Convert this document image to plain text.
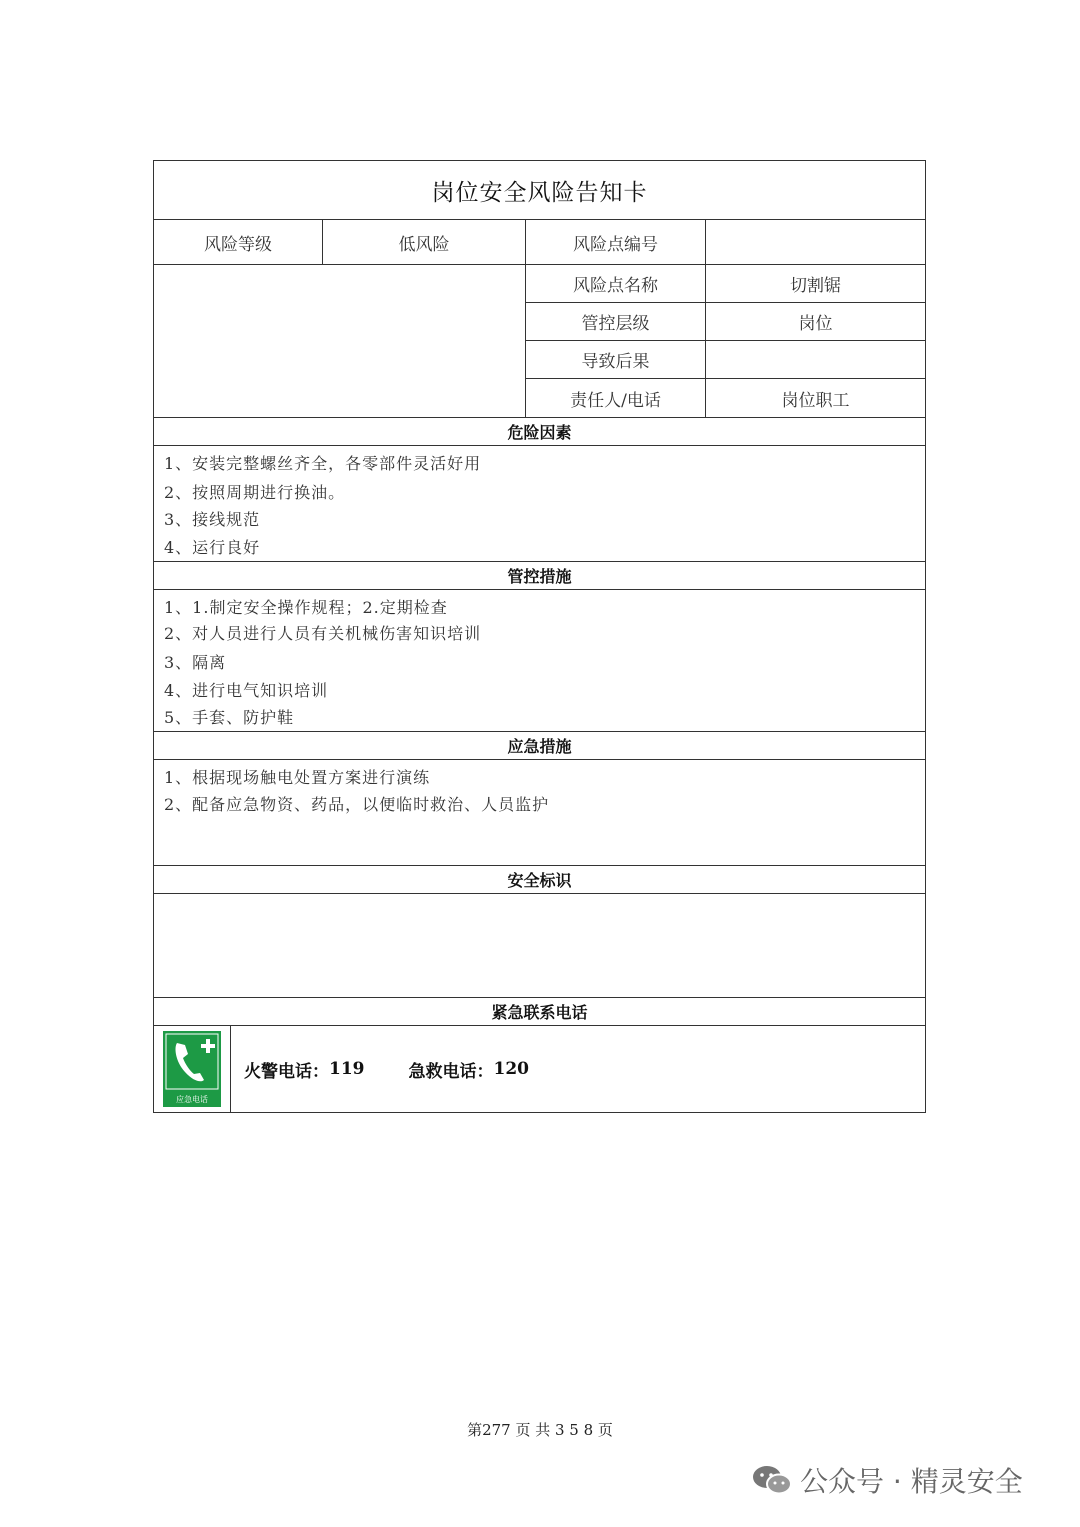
岗位安全风险告知卡
风险等级	低风险	风险点编号
风险点名称	切割锯
管控层级	岗位
导致后果
责任人/电话	岗位职工
危险因素
1、安装完整螺丝齐全，各零部件灵活好用
2、按照周期进行换油。
3、接线规范
4、运行良好
管控措施
1、1.制定安全操作规程；2.定期检查
2、对人员进行人员有关机械伤害知识培训
3、隔离
4、进行电气知识培训
5、手套、防护鞋
应急措施
1、根据现场触电处置方案进行演练
2、配备应急物资、药品，以便临时救治、人员监护
安全标识
紧急联系电话
应急电话
火警电话： 119	急救电话： 120
第277 页 共 3 5 8 页
公众号 · 精灵安全
